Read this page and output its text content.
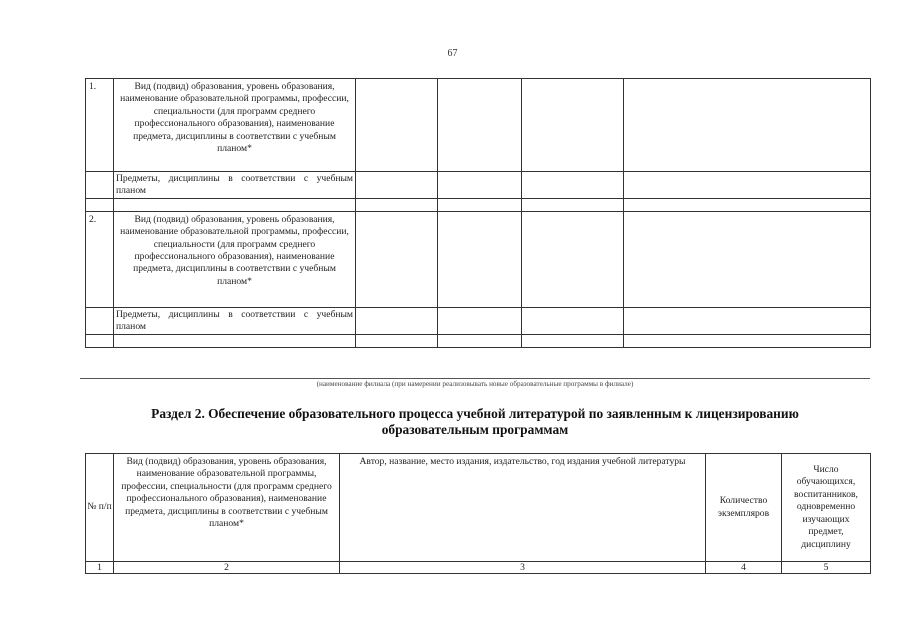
67
1.	Вид (подвид) образования, уровень образования, наименование образовательной программы, профессии, специальности (для программ среднего профессионального образования), наименование предмета, дисциплины в соответствии с учебным планом*				

	Предметы, дисциплины в соответствии с учебным планом				

2.	Вид (подвид) образования, уровень образования, наименование образовательной программы, профессии, специальности (для программ среднего профессионального образования), наименование предмета, дисциплины в соответствии с учебным планом*				

	Предметы, дисциплины в соответствии с учебным планом				

(наименование филиала (при намерении реализовывать новые образовательные программы в филиале)
Раздел 2. Обеспечение образовательного процесса учебной литературой по заявленным к лицензированию образовательным программам
№ п/п	Вид (подвид) образования, уровень образования, наименование образовательной программы, профессии, специальности (для программ среднего профессионального образования), наименование предмета, дисциплины в соответствии с учебным планом*	Автор, название, место издания, издательство, год издания учебной литературы	Количество экземпляров	Число обучающихся, воспитанников, одновременно изучающих предмет, дисциплину
1	2	3	4	5
